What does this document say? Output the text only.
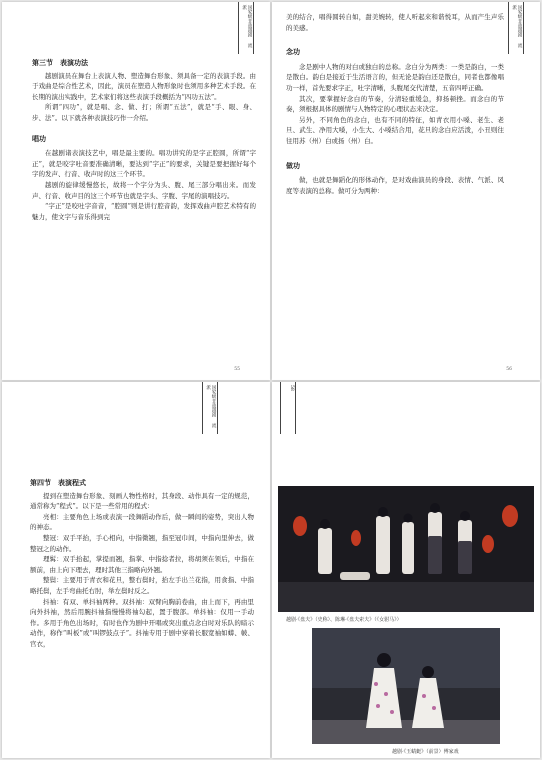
国家级非遗越剧流派
第三节　表演功法

越剧演员在舞台上表演人物、塑造舞台形象、须具备一定的表演手段。由于戏曲是综合性艺术，因此，演员在塑造人物形象时也须用多种艺术手段。在长期的演出实践中，艺术家们将这些表演手段概括为“四功五法”。

所谓“四功”，就是唱、念、做、打；所谓“五法”，就是“手、眼、身、步、法”。以下就各种表演技巧作一介绍。

唱功

在越剧诸表演技艺中，唱是最主要的。唱功讲究的是字正腔圆，所谓“字正”，就是咬字吐音要准确清晰，要达到“字正”的要求，关键是要把握好每个字的发声、行音、收声时的这三个环节。

越剧的旋律缓慢悠长，故将一个字分为头、腹、尾三部分唱出来。而发声、行音、收声目的这三个环节也就是字头、字腹、字尾的演唱技巧。

“字正”是咬吐字音音，“腔圆”则是讲行腔音韵，发挥戏曲声腔艺术特有的魅力，使文字与音乐得到完

55
国家级非遗越剧流派

美的结合，唱得圆转自如，甜美婉转，使人听起来和谐悦耳，从而产生声乐的美感。

念功

念是剧中人物的对白或独白的总称。念白分为两类：一类是韵白，一类是散白。韵白是接近于生活语言的，但无论是韵白还是散白，同者也都像唱功一样，首先要求字正，吐字清晰，头腹尾交代清楚，五音四呼正确。

其次，要掌握好念白的节奏，分清轻重缓急，抑扬顿挫。而念白的节奏，须根据具体的剧情与人物特定的心理状态来决定。

另外，不同角色的念白，也有不同的特征，如青衣用小嗓、老生、老旦、武生、净用大嗓，小生大、小嗓结合用，花旦的念白应活泼，小丑则往往用苏（州）白或扬（州）白。

做功

做，也就是舞蹈化的形体动作，是对戏曲演员的身段、表情、气派、风度等表演的总称。做可分为两种：

56
国家级非遗越剧流派
第四节　表演程式

提到在塑造舞台形象、刻画人物性格时，其身段、动作具有一定的规范，通常称为“程式”。以下是一些常用的程式：

亮相：主要角色上场或表演一段舞蹈动作后，做一瞬间的姿势，突出人物的神态。

整冠：双手平抬，手心相向，中指微翘，指至冠巾间，中指向里伸去，做整冠之的动作。

理髯：双手抬起，掌提而翘，指掌、中指捻者拉，将胡须在领后，中指在额前，由上向下理去，理时其他三指略向外翘。

整鬓：主要用于青衣和花旦，整右鬓时，抬左手出兰花指，用食指、中指略托鬓，左手弯曲托右肘，举左鬓时反之。

抖袖：有双、单抖袖两种。双抖袖：双臂向胸前卷曲，由上而下，再由里向外抖袖，然后用腕抖袖指慢慢将袖勾起，置于腹部。单抖袖：仅用一手动作。多用于角色出场时，有时也作为剧中开唱或突出重点念白时对乐队的暗示动作，称作“叫板”或“叫锣鼓点子”。抖袖专用于剧中穿着长服宽袖如蟒、帔、官衣，

58
越剧·《盘夫》（史称）、陈琳·《盘夫索夫》（《女驸马》）
越剧·《玉蜻蜓》（前景）傅家戏
